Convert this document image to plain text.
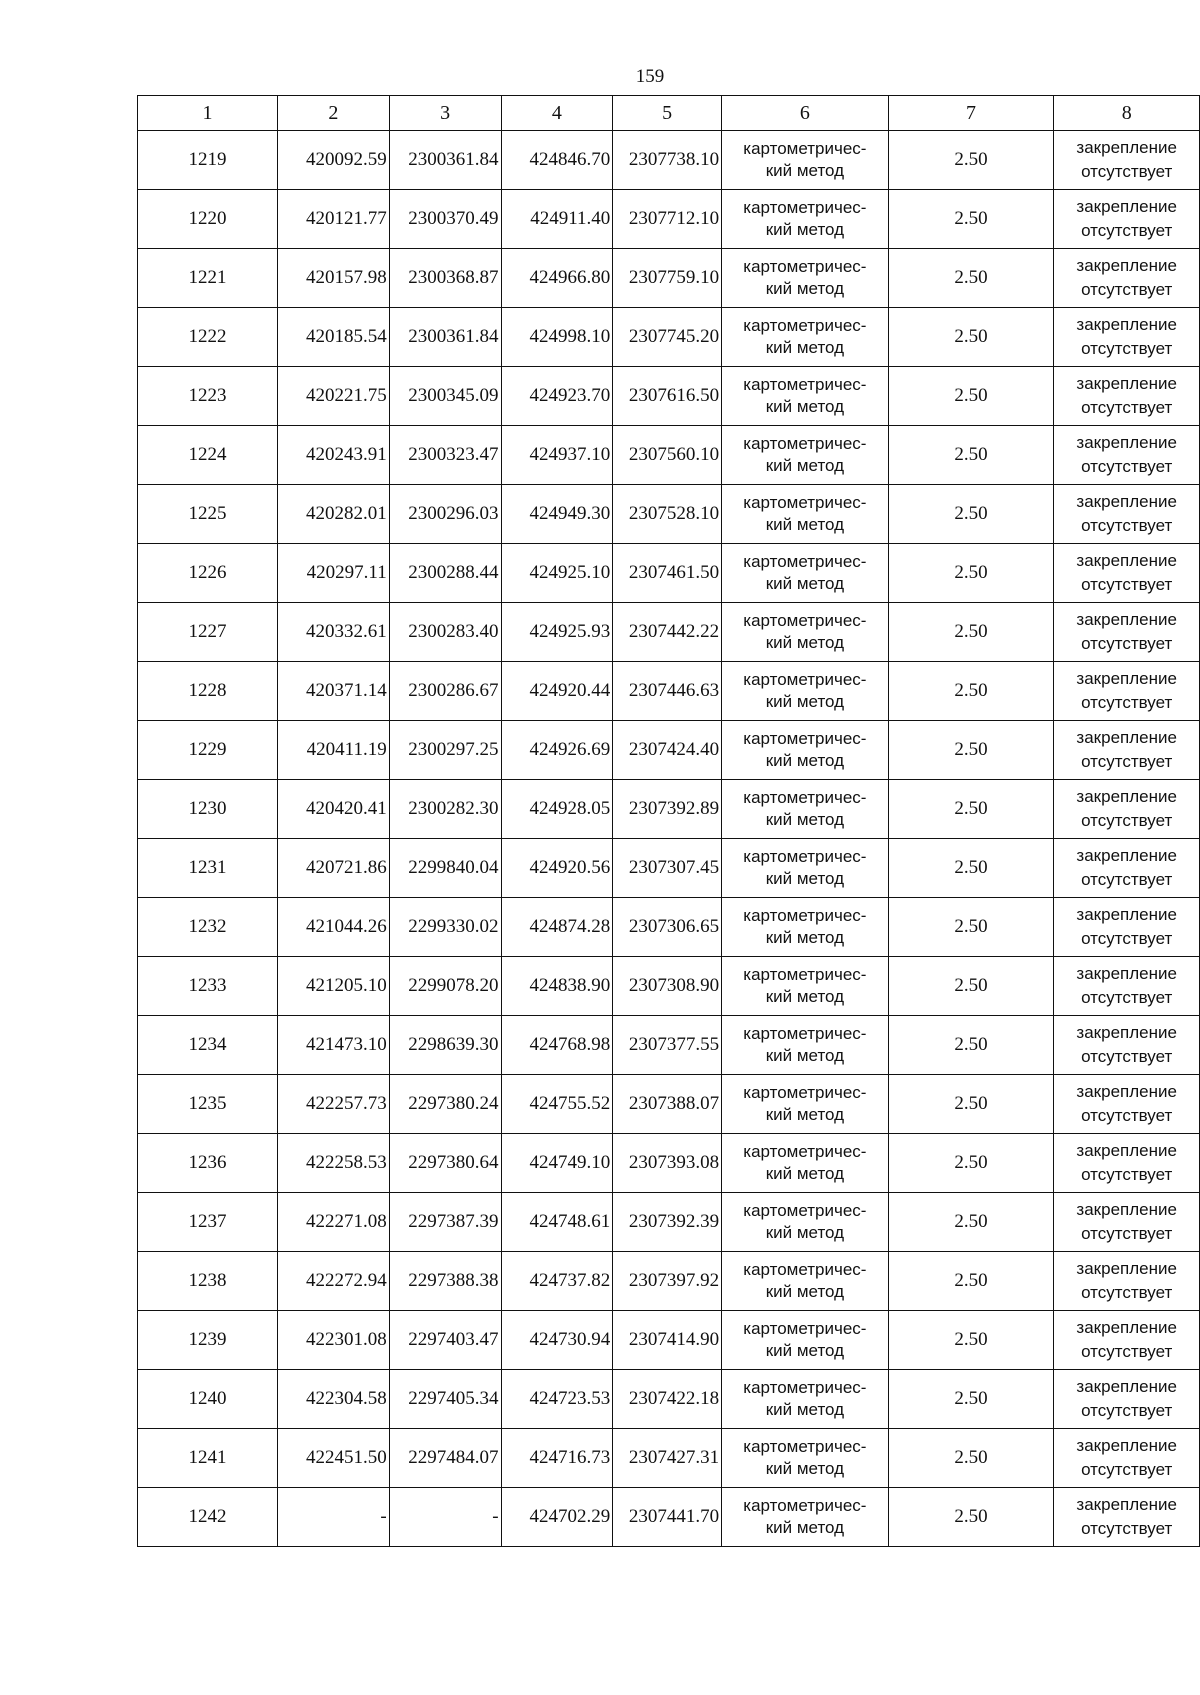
159
1	2	3	4	5	6	7	8
1219	420092.59	2300361.84	424846.70	2307738.10	картометричес-
кий метод	2.50	закрепление
отсутствует

1220	420121.77	2300370.49	424911.40	2307712.10	картометричес-
кий метод	2.50	закрепление
отсутствует

1221	420157.98	2300368.87	424966.80	2307759.10	картометричес-
кий метод	2.50	закрепление
отсутствует

1222	420185.54	2300361.84	424998.10	2307745.20	картометричес-
кий метод	2.50	закрепление
отсутствует

1223	420221.75	2300345.09	424923.70	2307616.50	картометричес-
кий метод	2.50	закрепление
отсутствует

1224	420243.91	2300323.47	424937.10	2307560.10	картометричес-
кий метод	2.50	закрепление
отсутствует

1225	420282.01	2300296.03	424949.30	2307528.10	картометричес-
кий метод	2.50	закрепление
отсутствует

1226	420297.11	2300288.44	424925.10	2307461.50	картометричес-
кий метод	2.50	закрепление
отсутствует

1227	420332.61	2300283.40	424925.93	2307442.22	картометричес-
кий метод	2.50	закрепление
отсутствует

1228	420371.14	2300286.67	424920.44	2307446.63	картометричес-
кий метод	2.50	закрепление
отсутствует

1229	420411.19	2300297.25	424926.69	2307424.40	картометричес-
кий метод	2.50	закрепление
отсутствует

1230	420420.41	2300282.30	424928.05	2307392.89	картометричес-
кий метод	2.50	закрепление
отсутствует

1231	420721.86	2299840.04	424920.56	2307307.45	картометричес-
кий метод	2.50	закрепление
отсутствует

1232	421044.26	2299330.02	424874.28	2307306.65	картометричес-
кий метод	2.50	закрепление
отсутствует

1233	421205.10	2299078.20	424838.90	2307308.90	картометричес-
кий метод	2.50	закрепление
отсутствует

1234	421473.10	2298639.30	424768.98	2307377.55	картометричес-
кий метод	2.50	закрепление
отсутствует

1235	422257.73	2297380.24	424755.52	2307388.07	картометричес-
кий метод	2.50	закрепление
отсутствует

1236	422258.53	2297380.64	424749.10	2307393.08	картометричес-
кий метод	2.50	закрепление
отсутствует

1237	422271.08	2297387.39	424748.61	2307392.39	картометричес-
кий метод	2.50	закрепление
отсутствует

1238	422272.94	2297388.38	424737.82	2307397.92	картометричес-
кий метод	2.50	закрепление
отсутствует

1239	422301.08	2297403.47	424730.94	2307414.90	картометричес-
кий метод	2.50	закрепление
отсутствует

1240	422304.58	2297405.34	424723.53	2307422.18	картометричес-
кий метод	2.50	закрепление
отсутствует

1241	422451.50	2297484.07	424716.73	2307427.31	картометричес-
кий метод	2.50	закрепление
отсутствует

1242	-	-	424702.29	2307441.70	картометричес-
кий метод	2.50	закрепление
отсутствует
